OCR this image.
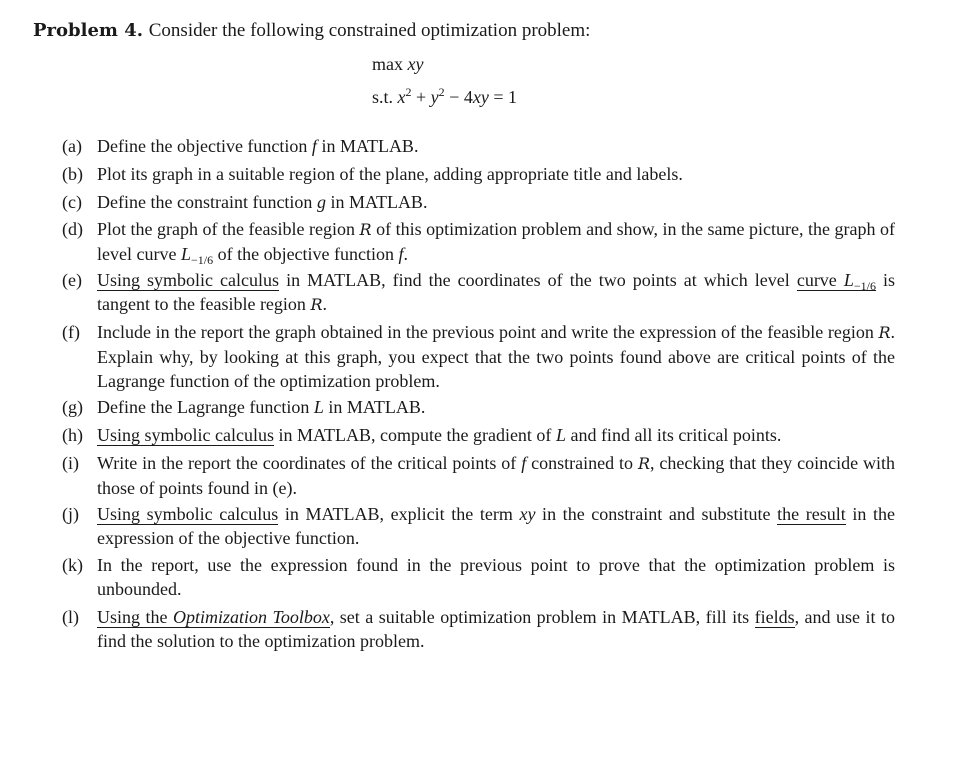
Problem 4. Consider the following constrained optimization problem:
max xy
s.t. $x^2 + y^2 - 4xy = 1$
(a) Define the objective function f in MATLAB.
(b) Plot its graph in a suitable region of the plane, adding appropriate title and labels.
(c) Define the constraint function g in MATLAB.
(d) Plot the graph of the feasible region R of this optimization problem and show, in the same picture, the graph of level curve $L_{-1/6}$ of the objective function f.
(e) Using symbolic calculus in MATLAB, find the coordinates of the two points at which level curve $L_{-1/6}$ is tangent to the feasible region R.
(f) Include in the report the graph obtained in the previous point and write the expression of the feasible region R. Explain why, by looking at this graph, you expect that the two points found above are critical points of the Lagrange function of the optimization problem.
(g) Define the Lagrange function L in MATLAB.
(h) Using symbolic calculus in MATLAB, compute the gradient of L and find all its critical points.
(i)	Write in the report the coordinates of the critical points of f constrained to R, checking that they coincide with those of points found in (e).
(j)	Using symbolic calculus in MATLAB, explicit the term xy in the constraint and substitute the result in the expression of the objective function.
(k) In the report, use the expression found in the previous point to prove that the optimization problem is unbounded.
(l)	Using the Optimization Toolbox, set a suitable optimization problem in MATLAB, fill its fields, and use it to find the solution to the optimization problem.
